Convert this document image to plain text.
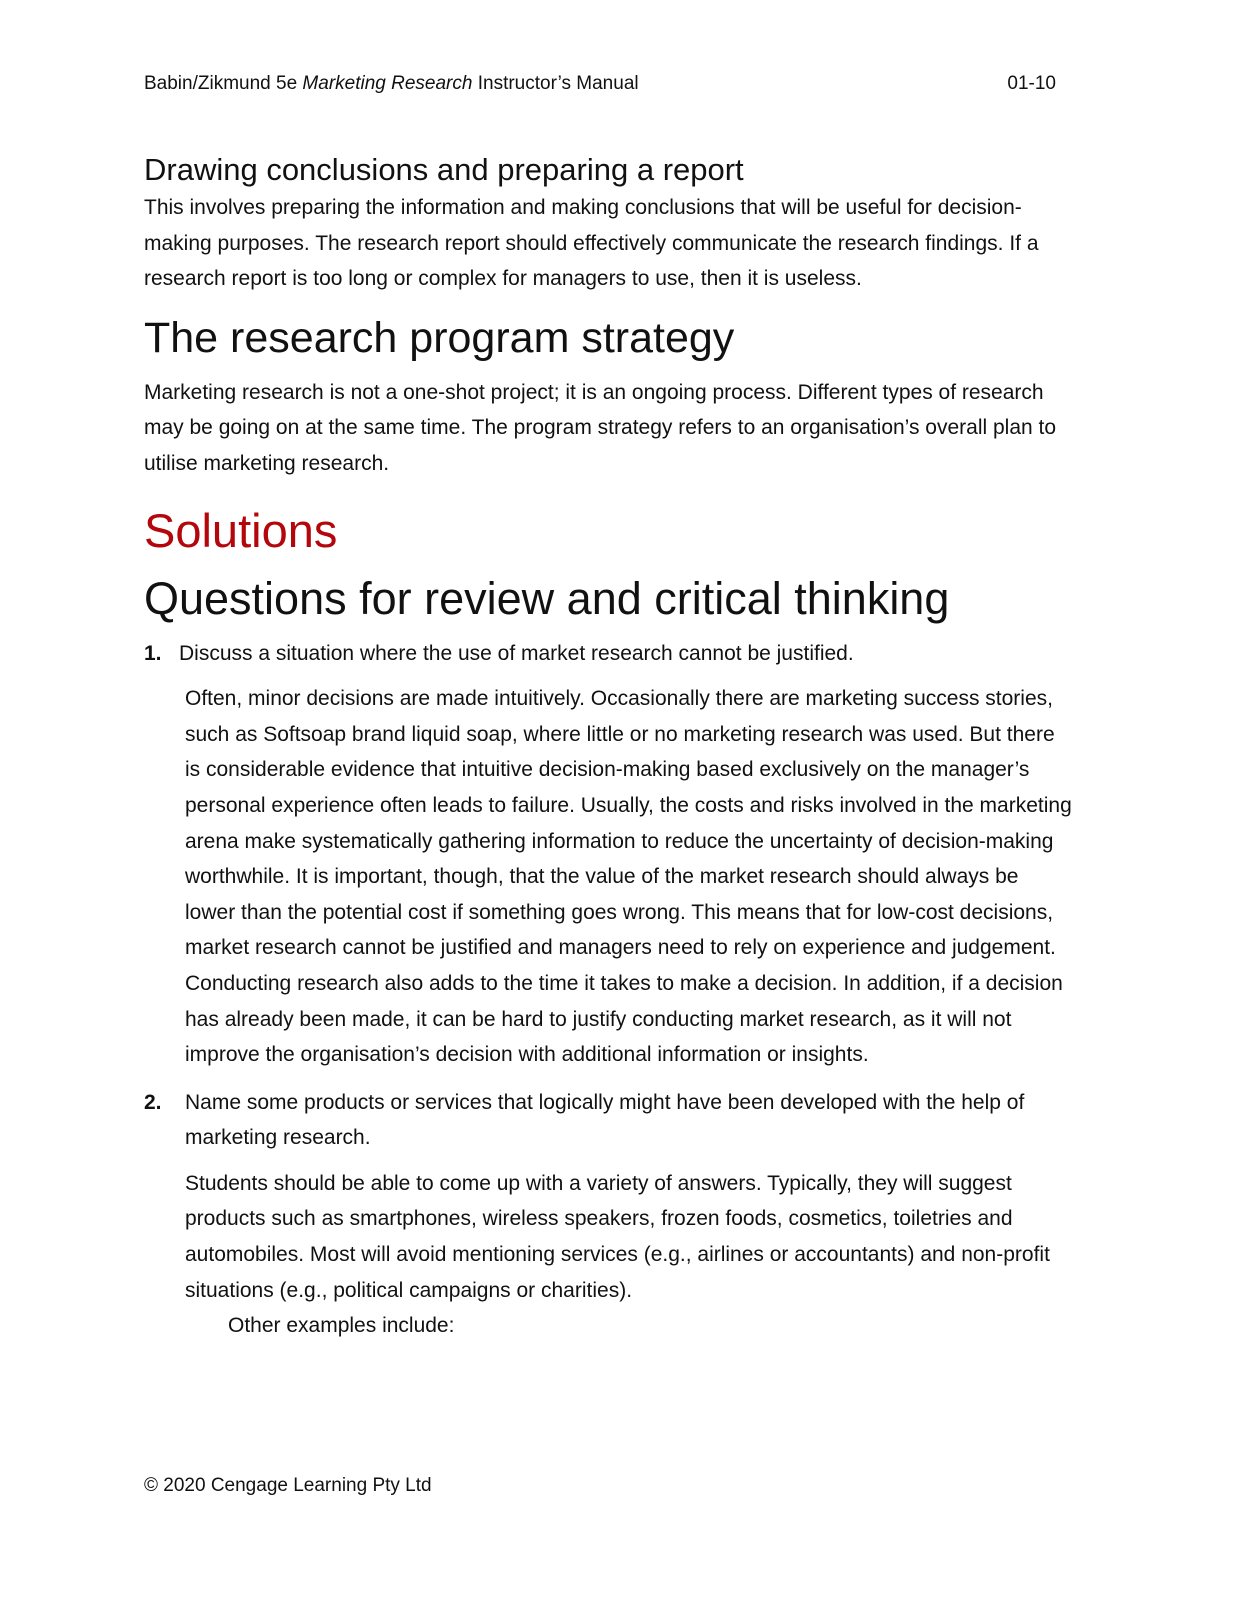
Babin/Zikmund 5e Marketing Research Instructor’s Manual	01-10
Drawing conclusions and preparing a report

This involves preparing the information and making conclusions that will be useful for decision-making purposes. The research report should effectively communicate the research findings. If a research report is too long or complex for managers to use, then it is useless.

The research program strategy

Marketing research is not a one-shot project; it is an ongoing process. Different types of research may be going on at the same time. The program strategy refers to an organisation’s overall plan to utilise marketing research.

Solutions
Questions for review and critical thinking
1. Discuss a situation where the use of market research cannot be justified.

Often, minor decisions are made intuitively. Occasionally there are marketing success stories, such as Softsoap brand liquid soap, where little or no marketing research was used. But there is considerable evidence that intuitive decision-making based exclusively on the manager’s personal experience often leads to failure. Usually, the costs and risks involved in the marketing arena make systematically gathering information to reduce the uncertainty of decision-making worthwhile. It is important, though, that the value of the market research should always be lower than the potential cost if something goes wrong. This means that for low-cost decisions, market research cannot be justified and managers need to rely on experience and judgement. Conducting research also adds to the time it takes to make a decision. In addition, if a decision has already been made, it can be hard to justify conducting market research, as it will not improve the organisation’s decision with additional information or insights.

2.	Name some products or services that logically might have been developed with the help of marketing research.

Students should be able to come up with a variety of answers. Typically, they will suggest products such as smartphones, wireless speakers, frozen foods, cosmetics, toiletries and automobiles. Most will avoid mentioning services (e.g., airlines or accountants) and non-profit situations (e.g., political campaigns or charities).

Other examples include:

© 2020 Cengage Learning Pty Ltd
